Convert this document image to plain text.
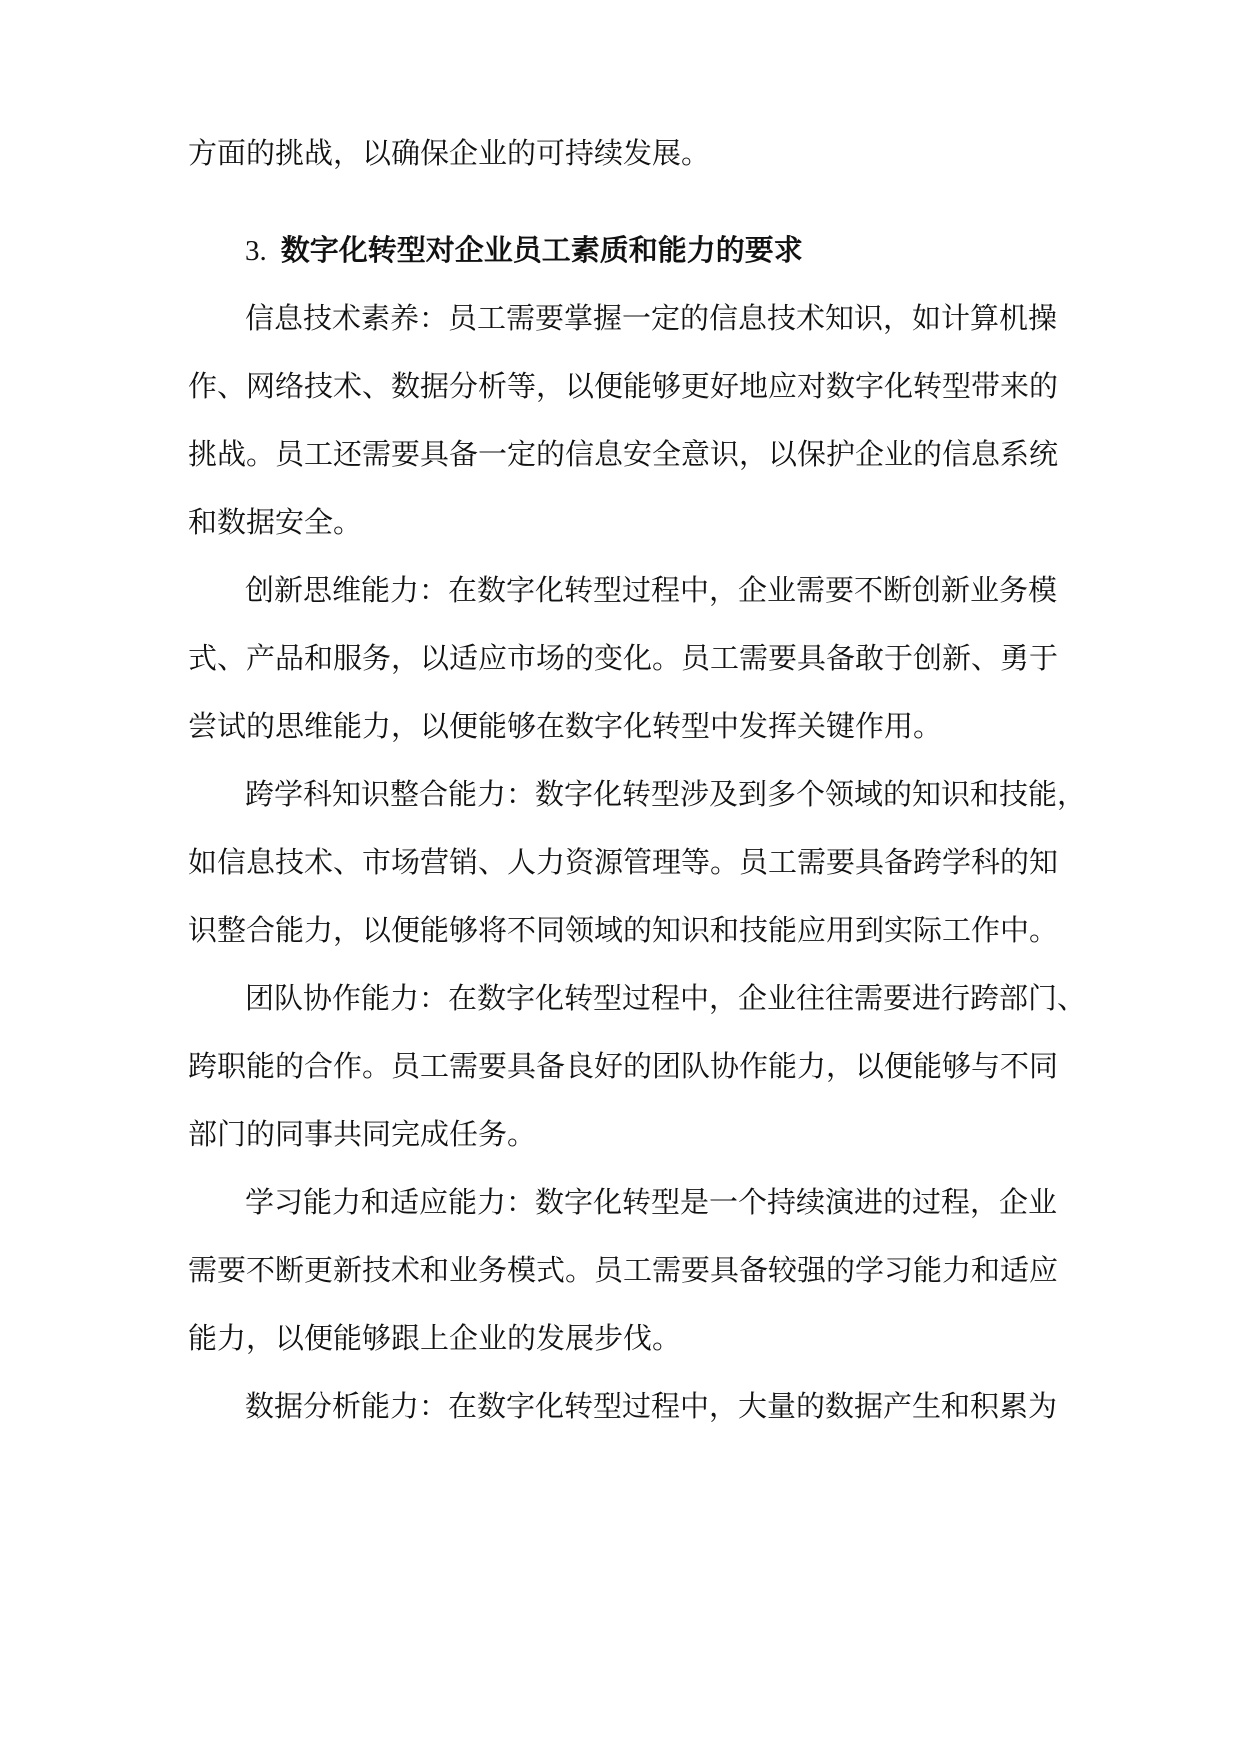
方面的挑战，以确保企业的可持续发展。
3. 数字化转型对企业员工素质和能力的要求
信息技术素养：员工需要掌握一定的信息技术知识，如计算机操
作、网络技术、数据分析等，以便能够更好地应对数字化转型带来的
挑战。员工还需要具备一定的信息安全意识，以保护企业的信息系统
和数据安全。
创新思维能力：在数字化转型过程中，企业需要不断创新业务模
式、产品和服务，以适应市场的变化。员工需要具备敢于创新、勇于
尝试的思维能力，以便能够在数字化转型中发挥关键作用。
跨学科知识整合能力：数字化转型涉及到多个领域的知识和技能，
如信息技术、市场营销、人力资源管理等。员工需要具备跨学科的知
识整合能力，以便能够将不同领域的知识和技能应用到实际工作中。
团队协作能力：在数字化转型过程中，企业往往需要进行跨部门、
跨职能的合作。员工需要具备良好的团队协作能力，以便能够与不同
部门的同事共同完成任务。
学习能力和适应能力：数字化转型是一个持续演进的过程，企业
需要不断更新技术和业务模式。员工需要具备较强的学习能力和适应
能力，以便能够跟上企业的发展步伐。
数据分析能力：在数字化转型过程中，大量的数据产生和积累为
